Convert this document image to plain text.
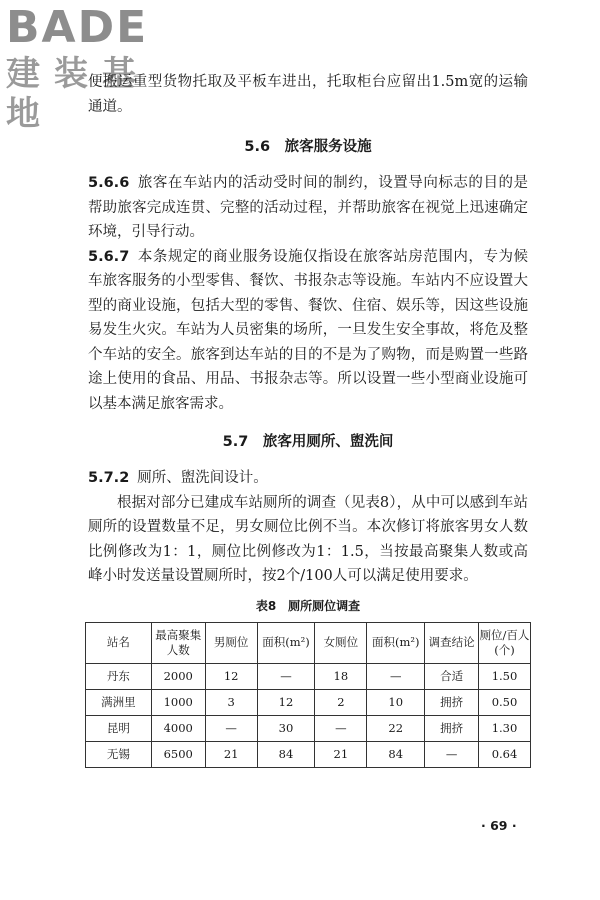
BADE
建装基地

便搬运重型货物托取及平板车进出，托取柜台应留出1.5m宽的运输通道。

5.6　 旅客服务设施

5.6.6 旅客在车站内的活动受时间的制约，设置导向标志的目的是帮助旅客完成连贯、完整的活动过程，并帮助旅客在视觉上迅速确定环境，引导行动。

5.6.7 本条规定的商业服务设施仅指设在旅客站房范围内，专为候车旅客服务的小型零售、餐饮、书报杂志等设施。车站内不应设置大型的商业设施，包括大型的零售、餐饮、住宿、娱乐等，因这些设施易发生火灾。车站为人员密集的场所，一旦发生安全事故，将危及整个车站的安全。旅客到达车站的目的不是为了购物，而是购置一些路途上使用的食品、用品、书报杂志等。所以设置一些小型商业设施可以基本满足旅客需求。

5.7　 旅客用厕所、盥洗间

5.7.2 厕所、盥洗间设计。

根据对部分已建成车站厕所的调查（见表8），从中可以感到车站厕所的设置数量不足，男女厕位比例不当。本次修订将旅客男女人数比例修改为1：1，厕位比例修改为1：1.5，当按最高聚集人数或高峰小时发送量设置厕所时，按2个/100人可以满足使用要求。

表8　厕所厕位调查
站名	最高聚集人数	男厕位	面积(m²)	女厕位	面积(m²)	调查结论	厕位/百人(个)
丹东	2000	12	—	18	—	合适	1.50
满洲里	1000	3	12	2	10	拥挤	0.50
昆明	4000	—	30	—	22	拥挤	1.30
无锡	6500	21	84	21	84	—	0.64
· 69 ·
